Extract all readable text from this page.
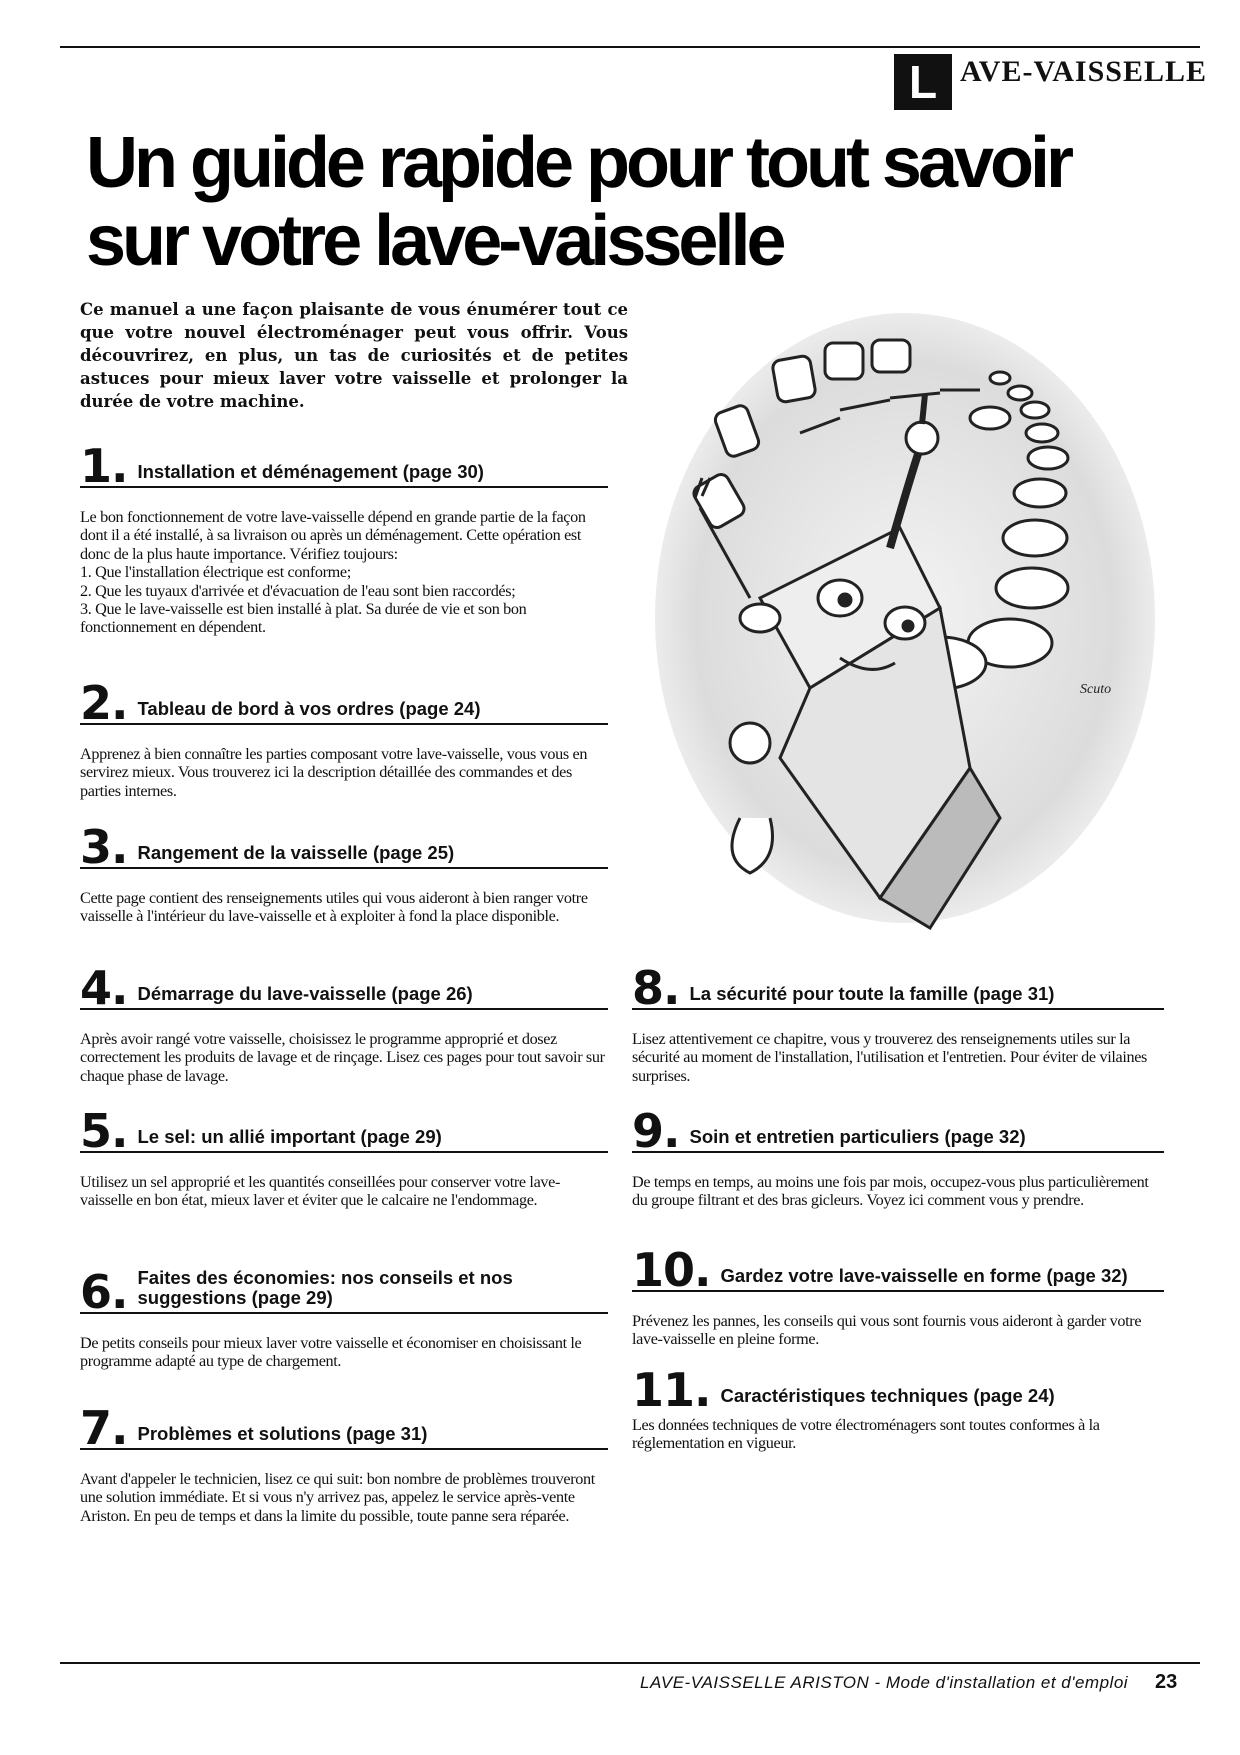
L AVE-VAISSELLE
Un guide rapide pour tout savoir
sur votre lave-vaisselle

Ce manuel a une façon plaisante de vous énumérer tout ce que votre nouvel électroménager peut vous offrir. Vous découvrirez, en plus, un tas de curiosités et de petites astuces pour mieux laver votre vaisselle et prolonger la durée de votre machine.

Scuto
1. Installation et déménagement (page 30)
Le bon fonctionnement de votre lave-vaisselle dépend en grande partie de la façon dont il a été installé, à sa livraison ou après un déménagement. Cette opération est donc de la plus haute importance. Vérifiez toujours:
1. Que l'installation électrique est conforme;
2. Que les tuyaux d'arrivée et d'évacuation de l'eau sont bien raccordés;
3. Que le lave-vaisselle est bien installé à plat. Sa durée de vie et son bon fonctionnement en dépendent.
2. Tableau de bord à vos ordres (page 24)
Apprenez à bien connaître les parties composant votre lave-vaisselle, vous vous en servirez mieux. Vous trouverez ici la description détaillée des commandes et des parties internes.
3. Rangement de la vaisselle (page 25)
Cette page contient des renseignements utiles qui vous aideront à bien ranger votre vaisselle à l'intérieur du lave-vaisselle et à exploiter à fond la place disponible.
4. Démarrage du lave-vaisselle (page 26)
Après avoir rangé votre vaisselle, choisissez le programme approprié et dosez correctement les produits de lavage et de rinçage. Lisez ces pages pour tout savoir sur chaque phase de lavage.
5. Le sel: un allié important (page 29)
Utilisez un sel approprié et les quantités conseillées pour conserver votre lave-vaisselle en bon état, mieux laver et éviter que le calcaire ne l'endommage.
6. Faites des économies: nos conseils et nos suggestions (page 29)
De petits conseils pour mieux laver votre vaisselle et économiser en choisissant le programme adapté au type de chargement.
7. Problèmes et solutions (page 31)
Avant d'appeler le technicien, lisez ce qui suit: bon nombre de problèmes trouveront une solution immédiate. Et si vous n'y arrivez pas, appelez le service après-vente Ariston. En peu de temps et dans la limite du possible, toute panne sera réparée.
8. La sécurité pour toute la famille (page 31)
Lisez attentivement ce chapitre, vous y trouverez des renseignements utiles sur la sécurité au moment de l'installation, l'utilisation et l'entretien. Pour éviter de vilaines surprises.
9. Soin et entretien particuliers (page 32)
De temps en temps, au moins une fois par mois, occupez-vous plus particulièrement du groupe filtrant et des bras gicleurs. Voyez ici comment vous y prendre.
10. Gardez votre lave-vaisselle en forme (page 32)
Prévenez les pannes, les conseils qui vous sont fournis vous aideront à garder votre lave-vaisselle en pleine forme.
11. Caractéristiques techniques (page 24)
Les données techniques de votre électroménagers sont toutes conformes à la réglementation en vigueur.
LAVE-VAISSELLE ARISTON - Mode d'installation et d'emploi 23
